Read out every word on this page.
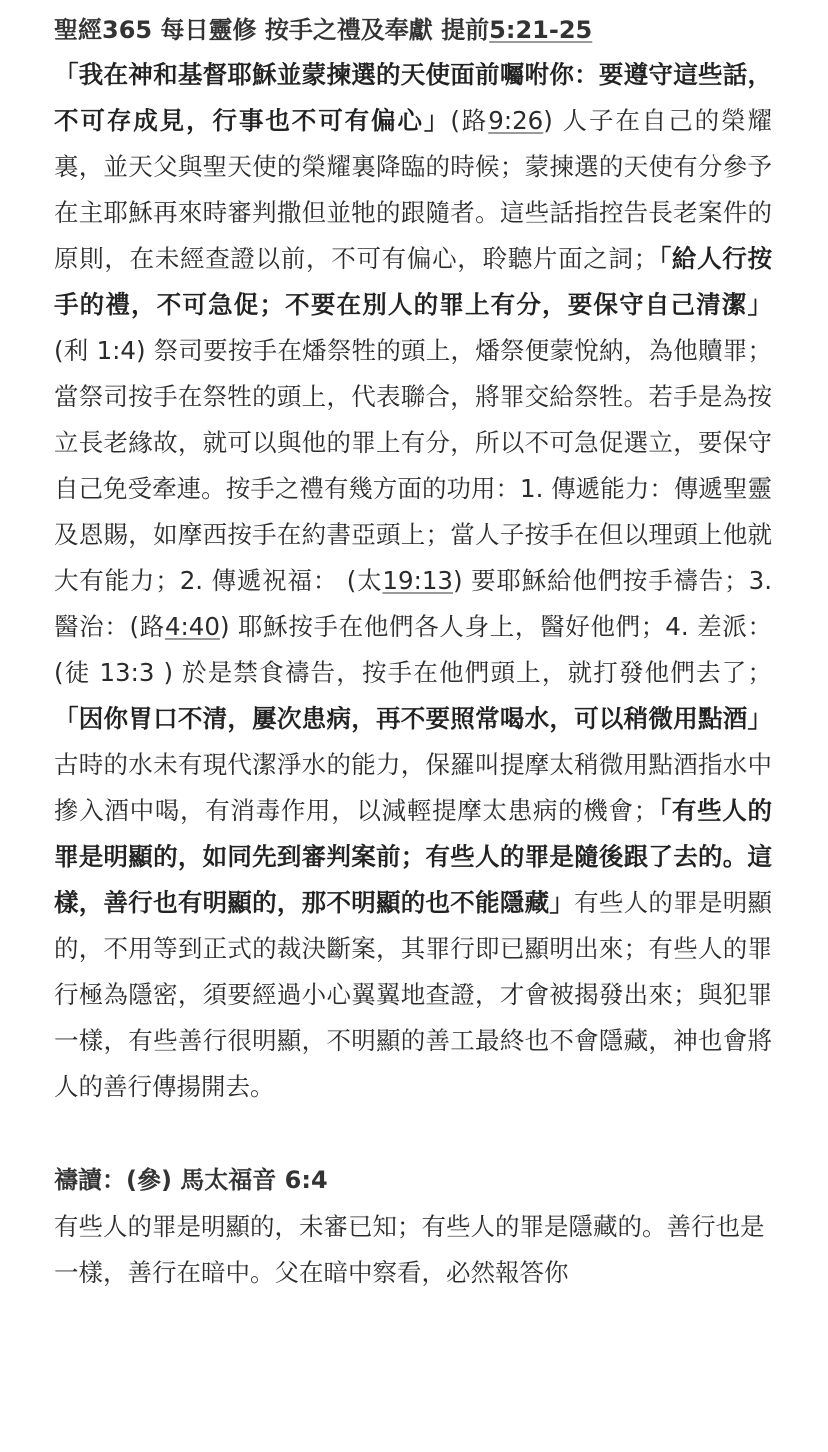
聖經365 每日靈修 按手之禮及奉獻 提前5:21-25

「我在神和基督耶穌並蒙揀選的天使面前囑咐你：要遵守這些話，不可存成見，行事也不可有偏心」(路9:26) 人子在自己的榮耀裏，並天父與聖天使的榮耀裏降臨的時候；蒙揀選的天使有分參予在主耶穌再來時審判撒但並牠的跟隨者。這些話指控告長老案件的原則，在未經查證以前，不可有偏心，聆聽片面之詞；「給人行按手的禮，不可急促；不要在別人的罪上有分，要保守自己清潔」(利 1:4) 祭司要按手在燔祭牲的頭上，燔祭便蒙悅納，為他贖罪；當祭司按手在祭牲的頭上，代表聯合，將罪交給祭牲。若手是為按立長老緣故，就可以與他的罪上有分，所以不可急促選立，要保守自己免受牽連。按手之禮有幾方面的功用：1. 傳遞能力：傳遞聖靈及恩賜，如摩西按手在約書亞頭上；當人子按手在但以理頭上他就大有能力；2. 傳遞祝福： (太19:13) 要耶穌給他們按手禱告；3. 醫治：(路4:40) 耶穌按手在他們各人身上，醫好他們；4. 差派：(徒 13:3 ) 於是禁食禱告，按手在他們頭上，就打發他們去了；「因你胃口不清，屢次患病，再不要照常喝水，可以稍微用點酒」古時的水未有現代潔淨水的能力，保羅叫提摩太稍微用點酒指水中摻入酒中喝，有消毒作用，以減輕提摩太患病的機會；「有些人的罪是明顯的，如同先到審判案前；有些人的罪是隨後跟了去的。這樣，善行也有明顯的，那不明顯的也不能隱藏」有些人的罪是明顯的，不用等到正式的裁決斷案，其罪行即已顯明出來；有些人的罪行極為隱密，須要經過小心翼翼地查證，才會被揭發出來；與犯罪一樣，有些善行很明顯，不明顯的善工最終也不會隱藏，神也會將人的善行傳揚開去。

禱讀：(參) 馬太福音 6:4

有些人的罪是明顯的，未審已知；有些人的罪是隱藏的。善行也是一樣，善行在暗中。父在暗中察看，必然報答你
